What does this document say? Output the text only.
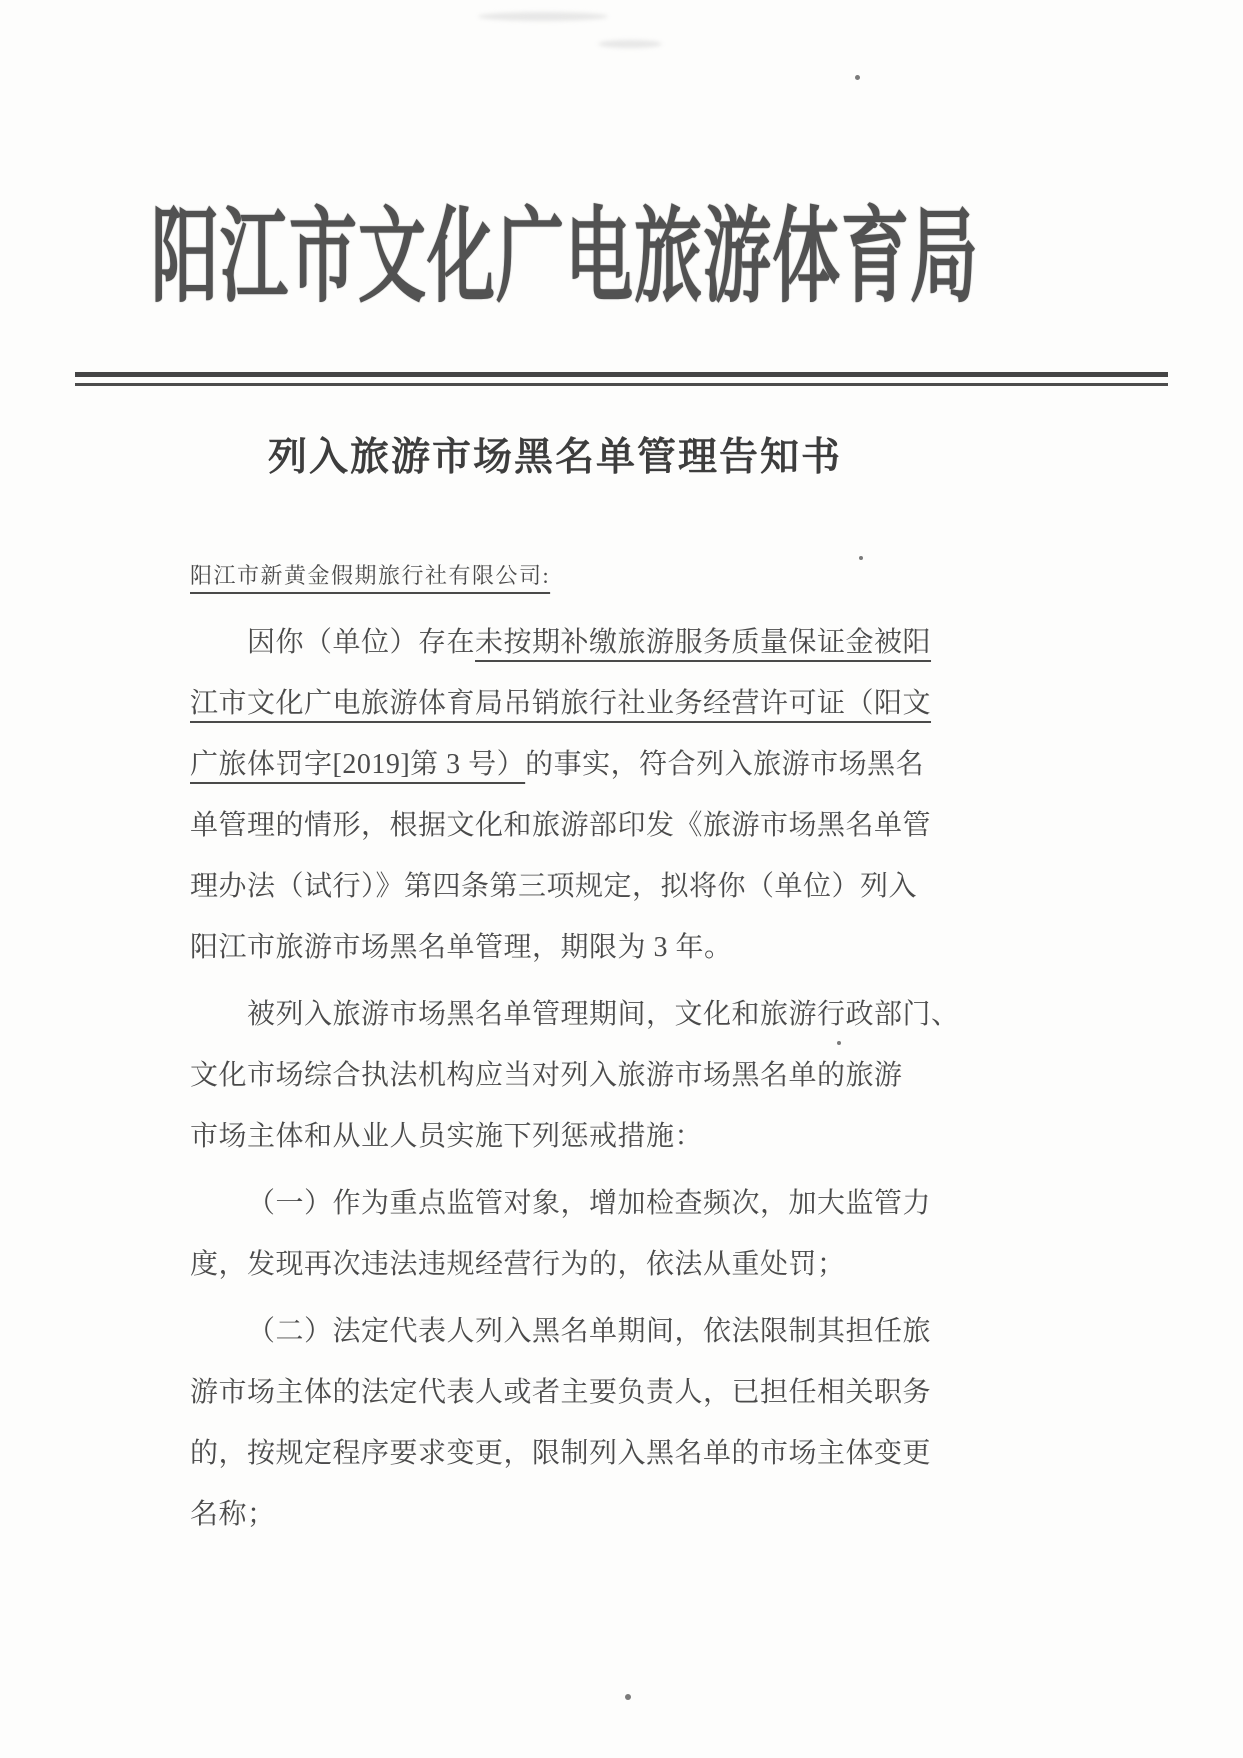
阳江市文化广电旅游体育局
列入旅游市场黑名单管理告知书
阳江市新黄金假期旅行社有限公司:
因你（单位）存在未按期补缴旅游服务质量保证金被阳
江市文化广电旅游体育局吊销旅行社业务经营许可证（阳文
广旅体罚字[2019]第 3 号）的事实，符合列入旅游市场黑名
单管理的情形，根据文化和旅游部印发《旅游市场黑名单管
理办法（试行）》第四条第三项规定，拟将你（单位）列入
阳江市旅游市场黑名单管理，期限为 3 年。
被列入旅游市场黑名单管理期间，文化和旅游行政部门、
文化市场综合执法机构应当对列入旅游市场黑名单的旅游
市场主体和从业人员实施下列惩戒措施：
（一）作为重点监管对象，增加检查频次，加大监管力
度，发现再次违法违规经营行为的，依法从重处罚；
（二）法定代表人列入黑名单期间，依法限制其担任旅
游市场主体的法定代表人或者主要负责人，已担任相关职务
的，按规定程序要求变更，限制列入黑名单的市场主体变更
名称；
